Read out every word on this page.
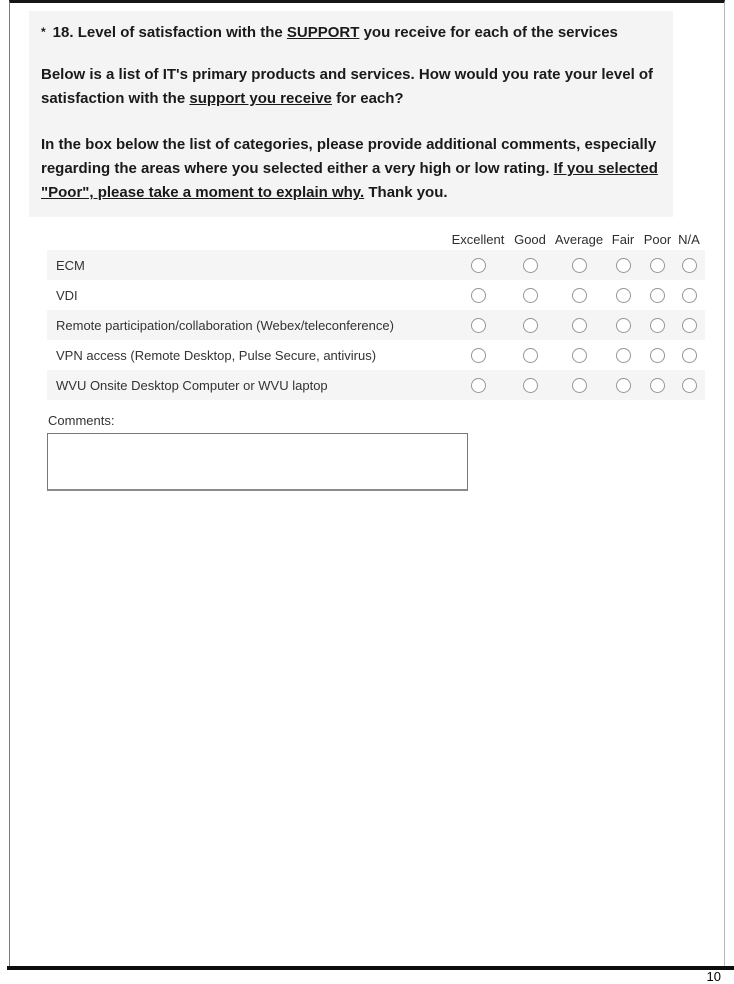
* 18. Level of satisfaction with the SUPPORT you receive for each of the services

Below is a list of IT's primary products and services. How would you rate your level of satisfaction with the support you receive for each?

In the box below the list of categories, please provide additional comments, especially regarding the areas where you selected either a very high or low rating. If you selected "Poor", please take a moment to explain why. Thank you.

Excellent Good Average Fair Poor N/A
ECM
VDI
Remote participation/collaboration (Webex/teleconference)
VPN access (Remote Desktop, Pulse Secure, antivirus)
WVU Onsite Desktop Computer or WVU laptop
Comments:
10
